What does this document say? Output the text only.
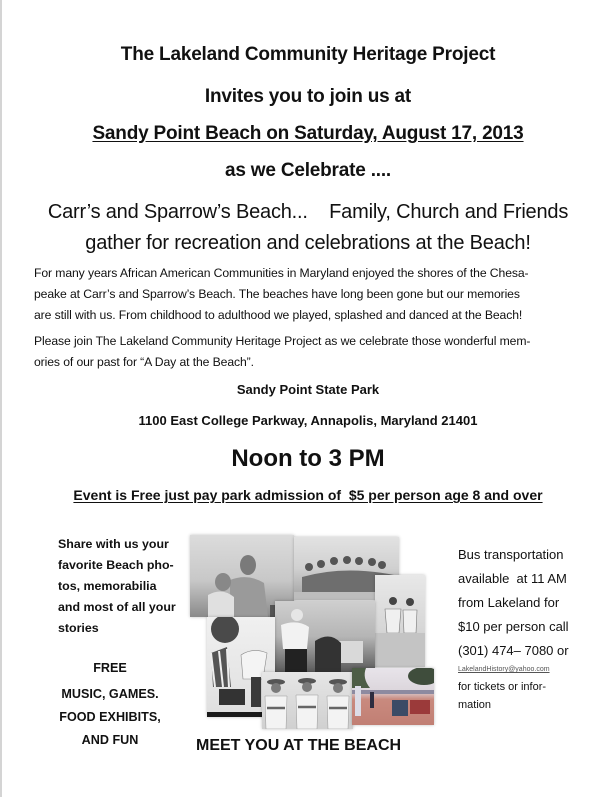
The Lakeland Community Heritage Project
Invites you to join us at
Sandy Point Beach on Saturday, August 17, 2013
as we Celebrate ....
Carr’s and Sparrow’s Beach...    Family, Church and Friends
gather for recreation and celebrations at the Beach!
For many years African American Communities in Maryland enjoyed the shores of the Chesa-
peake at Carr’s and Sparrow’s Beach. The beaches have long been gone but our memories
are still with us. From childhood to adulthood we played, splashed and danced at the Beach!
Please join The Lakeland Community Heritage Project as we celebrate those wonderful mem-
ories of our past for “A Day at the Beach”.
Sandy Point State Park
1100 East College Parkway, Annapolis, Maryland 21401
Noon to 3 PM
Event is Free just pay park admission of  $5 per person age 8 and over
Share with us your
favorite Beach pho-
tos, memorabilia
and most of all your
stories
FREE
MUSIC, GAMES.
FOOD EXHIBITS,
AND FUN
Bus transportation
available  at 11 AM
from Lakeland for
$10 per person call
(301) 474– 7080 or
LakelandHistory@yahoo.com
for tickets or infor-
mation
MEET YOU AT THE BEACH
